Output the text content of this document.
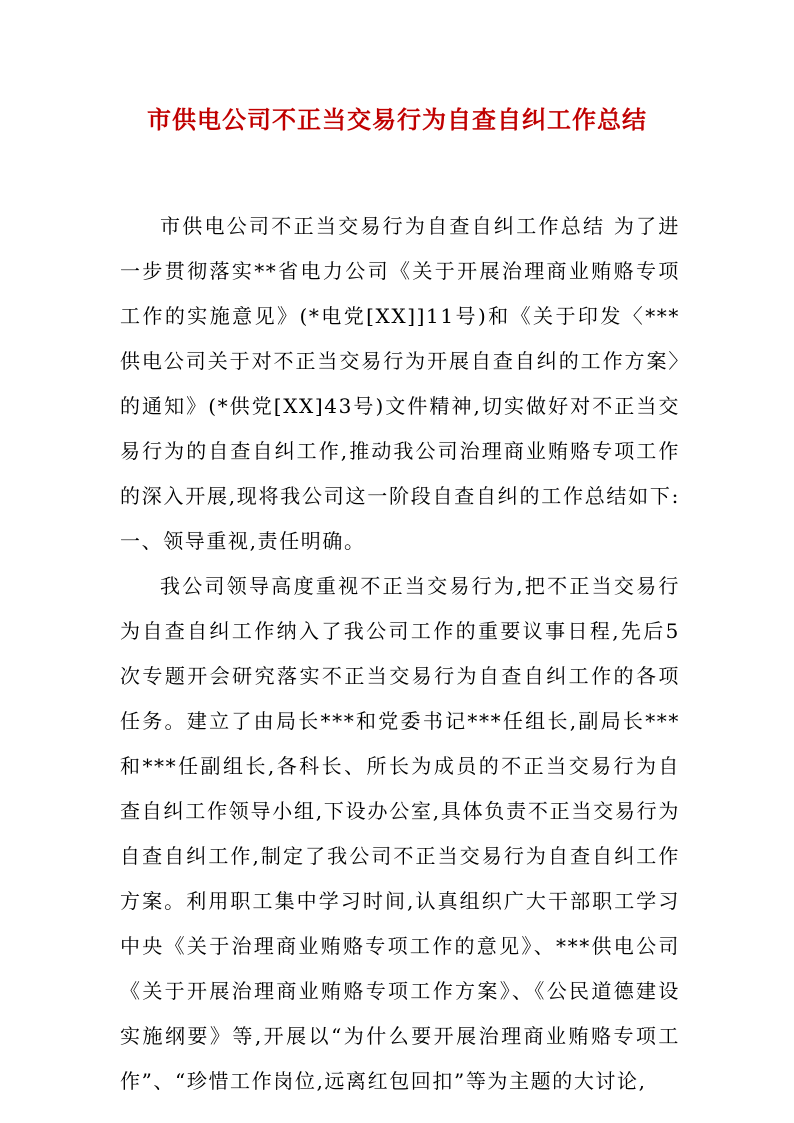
市供电公司不正当交易行为自查自纠工作总结

市供电公司不正当交易行为自查自纠工作总结 为了进一步贯彻落实**省电力公司《关于开展治理商业贿赂专项工作的实施意见》(*电党[XX]]11号)和《关于印发〈***供电公司关于对不正当交易行为开展自查自纠的工作方案〉的通知》(*供党[XX]43号)文件精神,切实做好对不正当交易行为的自查自纠工作,推动我公司治理商业贿赂专项工作的深入开展,现将我公司这一阶段自查自纠的工作总结如下:一、领导重视,责任明确。

我公司领导高度重视不正当交易行为,把不正当交易行为自查自纠工作纳入了我公司工作的重要议事日程,先后5次专题开会研究落实不正当交易行为自查自纠工作的各项任务。建立了由局长***和党委书记***任组长,副局长***和***任副组长,各科长、所长为成员的不正当交易行为自查自纠工作领导小组,下设办公室,具体负责不正当交易行为自查自纠工作,制定了我公司不正当交易行为自查自纠工作方案。利用职工集中学习时间,认真组织广大干部职工学习中央《关于治理商业贿赂专项工作的意见》、***供电公司《关于开展治理商业贿赂专项工作方案》、《公民道德建设实施纲要》等,开展以“为什么要开展治理商业贿赂专项工作”、“珍惜工作岗位,远离红包回扣”等为主题的大讨论,
